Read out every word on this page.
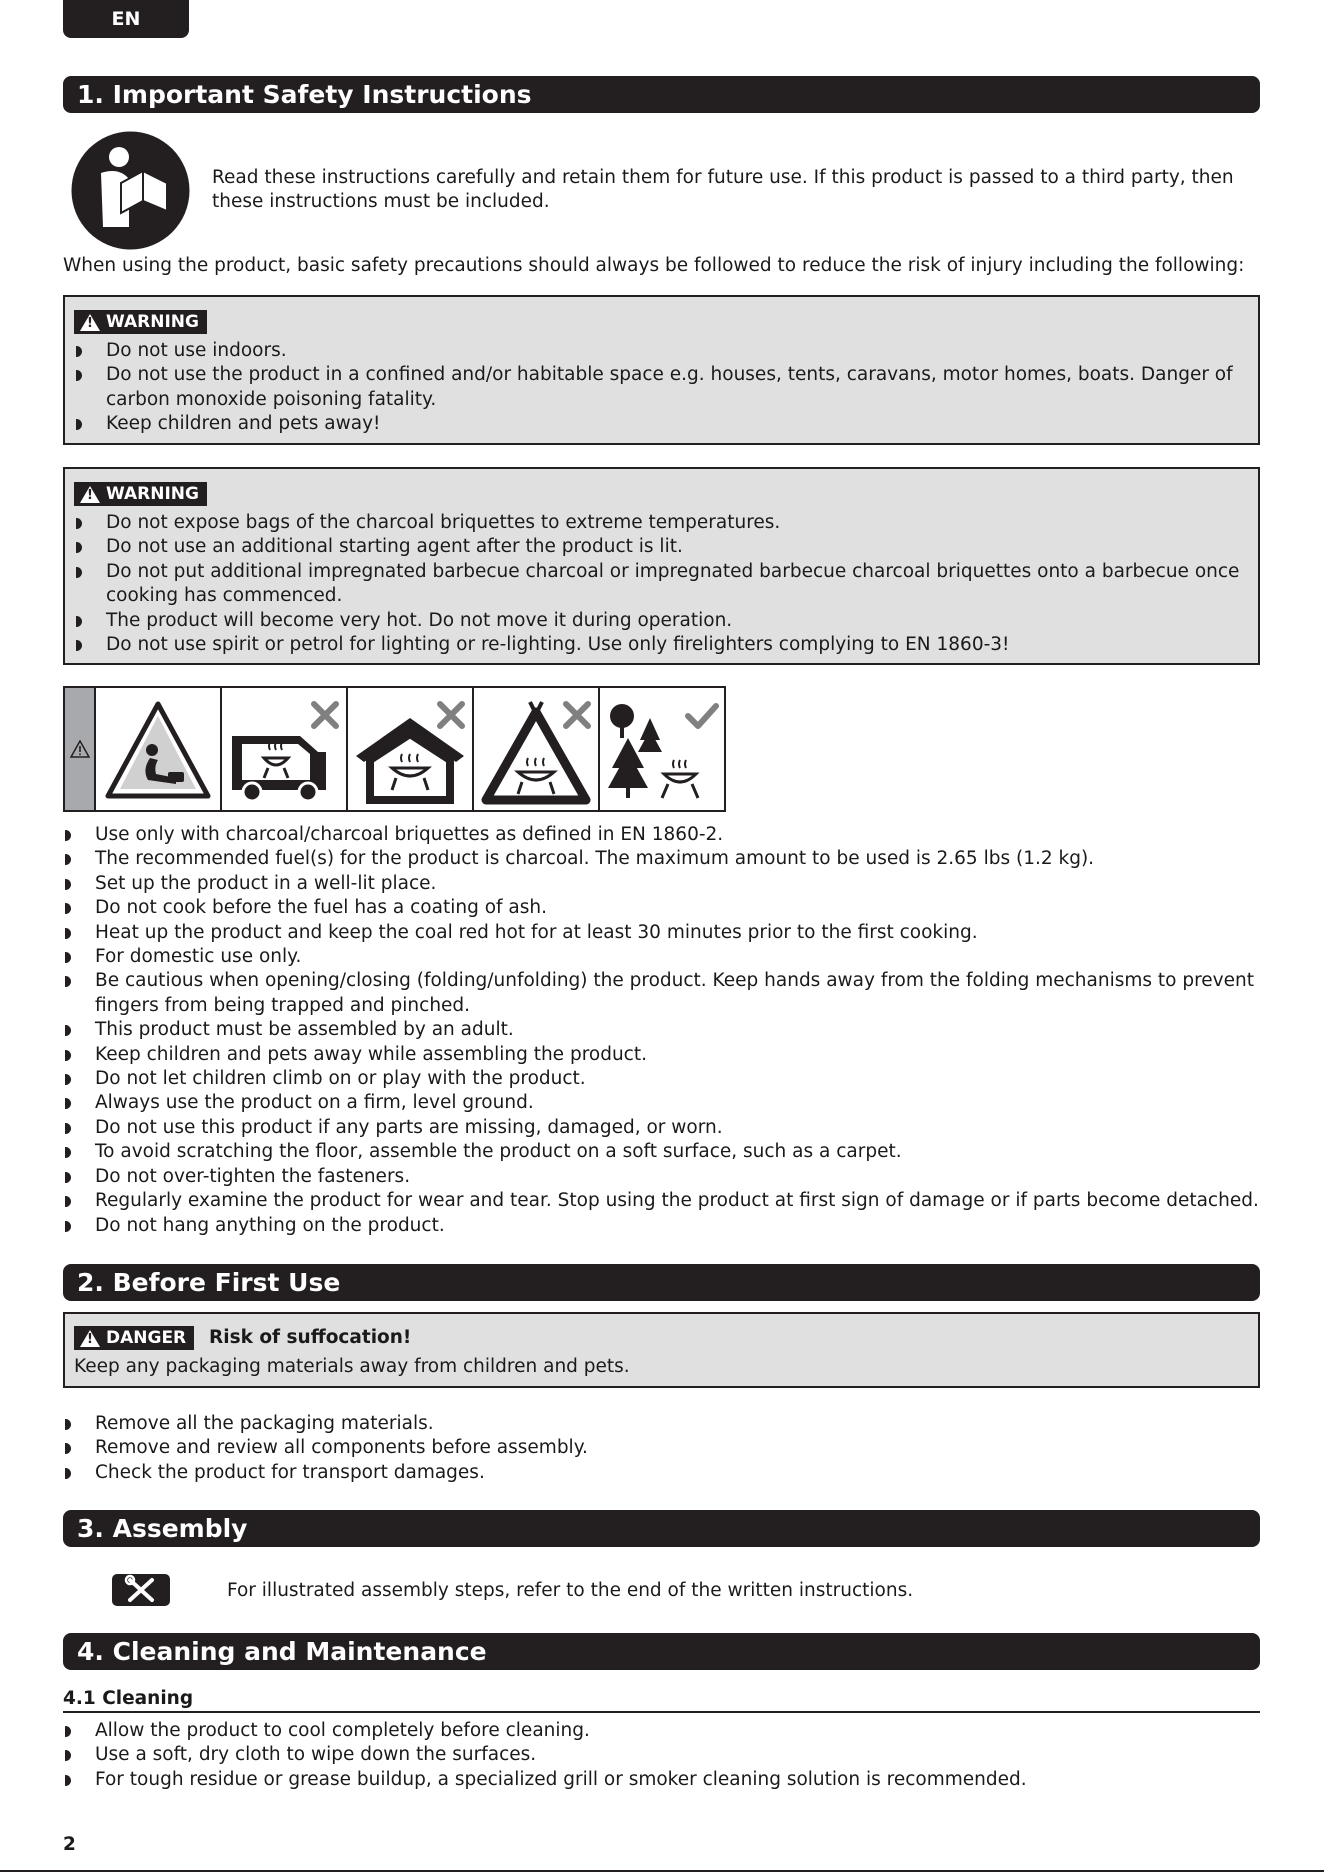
EN
1. Important Safety Instructions
Read these instructions carefully and retain them for future use. If this product is passed to a third party, then these instructions must be included.
When using the product, basic safety precautions should always be followed to reduce the risk of injury including the following:
!
WARNING
Do not use indoors.
Do not use the product in a confined and/or habitable space e.g. houses, tents, caravans, motor homes, boats. Danger of carbon monoxide poisoning fatality.
Keep children and pets away!
!
WARNING
Do not expose bags of the charcoal briquettes to extreme temperatures.
Do not use an additional starting agent after the product is lit.
Do not put additional impregnated barbecue charcoal or impregnated barbecue charcoal briquettes onto a barbecue once cooking has commenced.
The product will become very hot. Do not move it during operation.
Do not use spirit or petrol for lighting or re-lighting. Use only firelighters complying to EN 1860-3!
Use only with charcoal/charcoal briquettes as defined in EN 1860-2.
The recommended fuel(s) for the product is charcoal. The maximum amount to be used is 2.65 lbs (1.2 kg).
Set up the product in a well-lit place.
Do not cook before the fuel has a coating of ash.
Heat up the product and keep the coal red hot for at least 30 minutes prior to the first cooking.
For domestic use only.
Be cautious when opening/closing (folding/unfolding) the product. Keep hands away from the folding mechanisms to prevent fingers from being trapped and pinched.
This product must be assembled by an adult.
Keep children and pets away while assembling the product.
Do not let children climb on or play with the product.
Always use the product on a firm, level ground.
Do not use this product if any parts are missing, damaged, or worn.
To avoid scratching the floor, assemble the product on a soft surface, such as a carpet.
Do not over-tighten the fasteners.
Regularly examine the product for wear and tear. Stop using the product at first sign of damage or if parts become detached.
Do not hang anything on the product.
2. Before First Use
!
DANGER Risk of suffocation!
Keep any packaging materials away from children and pets.
Remove all the packaging materials.
Remove and review all components before assembly.
Check the product for transport damages.
3. Assembly
For illustrated assembly steps, refer to the end of the written instructions.
4. Cleaning and Maintenance
4.1 Cleaning
Allow the product to cool completely before cleaning.
Use a soft, dry cloth to wipe down the surfaces.
For tough residue or grease buildup, a specialized grill or smoker cleaning solution is recommended.
2
